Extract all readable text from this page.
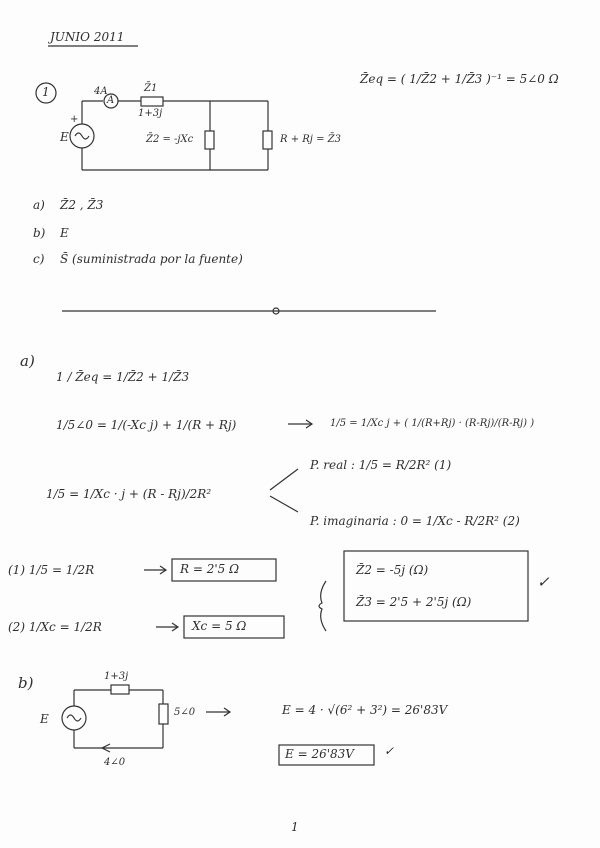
JUNIO 2011
1	4A
A
Z̄1
1+3j
E
+
Z̄2 = -jXc	R + Rj = Z̄3
Z̄eq = ( 1/Z̄2 + 1/Z̄3 )⁻¹ = 5∠0 Ω
a) Z̄2 , Z̄3
b) E
c) S̄ (suministrada por la fuente)
a)
1 / Z̄eq = 1/Z̄2 + 1/Z̄3
1/5∠0 = 1/(-Xc j) + 1/(R + Rj)	1/5 = 1/Xc j + ( 1/(R+Rj) · (R-Rj)/(R-Rj) )
1/5 = 1/Xc · j + (R - Rj)/2R²
P. real : 1/5 = R/2R² (1)
P. imaginaria : 0 = 1/Xc - R/2R² (2)
(1) 1/5 = 1/2R	R = 2'5 Ω
(2) 1/Xc = 1/2R	Xc = 5 Ω
Z̄2 = -5j (Ω)
Z̄3 = 2'5 + 2'5j (Ω)
✓
b)	1+3j
5∠0
4∠0
E
E = 4 · √(6² + 3²) = 26'83V
E = 26'83V	✓
1
